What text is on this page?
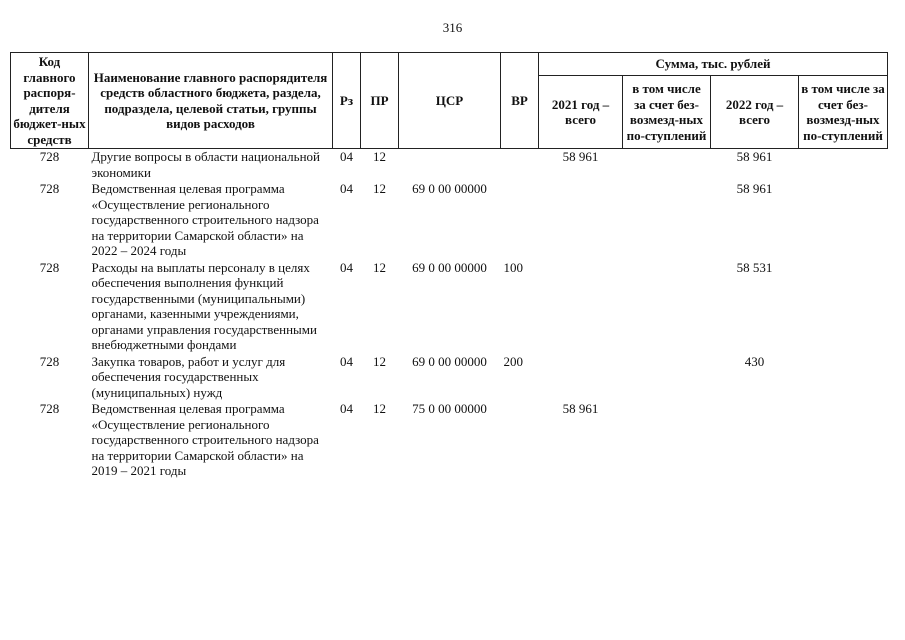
316
Код главного распоря-дителя бюджет-ных средств	Наименование главного распорядителя средств областного бюджета, раздела, подраздела, целевой статьи, группы видов расходов	Рз	ПР	ЦСР	ВР	Сумма, тыс. рублей			
						2021 год – всего	в том числе за счет без-возмезд-ных по-ступлений	2022 год – всего	в том числе за счет без-возмезд-ных по-ступлений
728	Другие вопросы в области национальной экономики	04	12			58 961		58 961	
728	Ведомственная целевая программа «Осуществление регионального государственного строительного надзора на территории Самарской области» на 2022 – 2024 годы	04	12	69 0 00 00000				58 961	
728	Расходы на выплаты персоналу в целях обеспечения выполнения функций государственными (муниципальными) органами, казенными учреждениями, органами управления государственными внебюджетными фондами	04	12	69 0 00 00000	100			58 531	
728	Закупка товаров, работ и услуг для обеспечения государственных (муниципальных) нужд	04	12	69 0 00 00000	200			430	
728	Ведомственная целевая программа «Осуществление регионального государственного строительного надзора на территории Самарской области» на 2019 – 2021 годы	04	12	75 0 00 00000		58 961			
